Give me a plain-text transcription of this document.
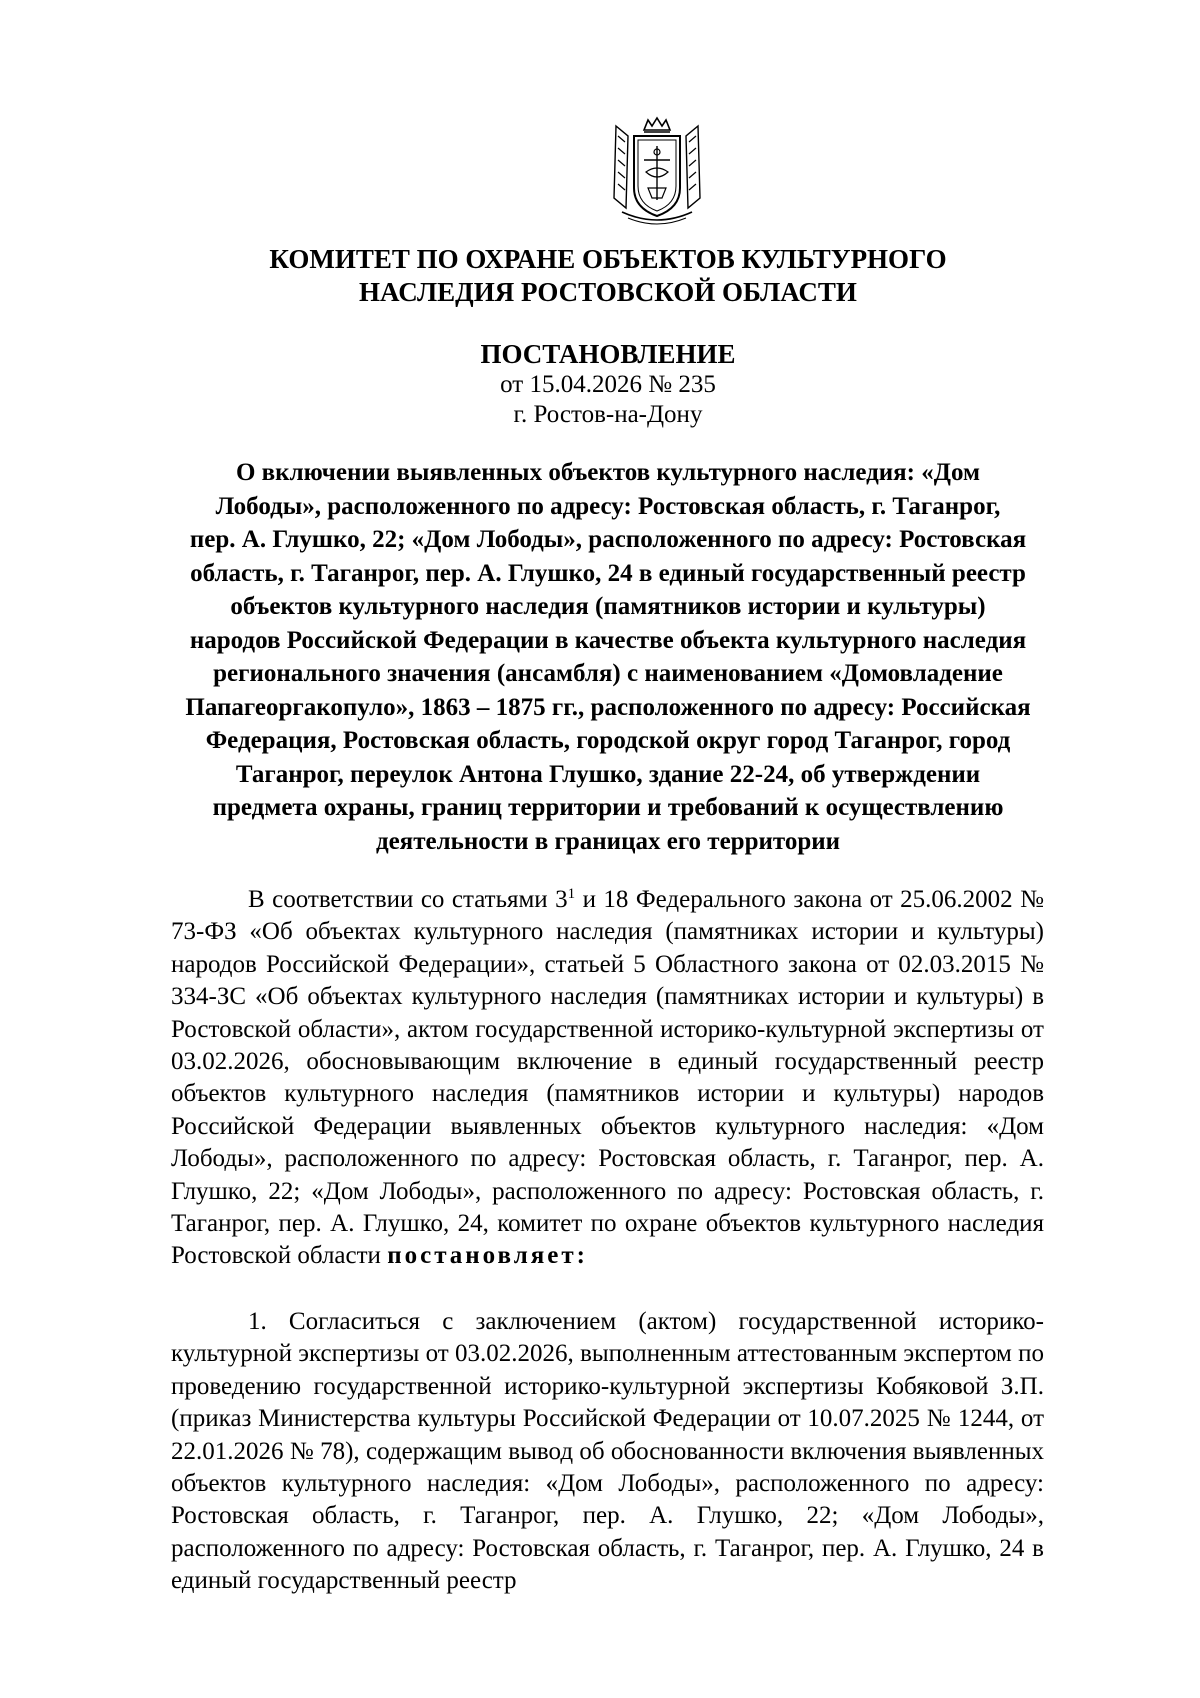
КОМИТЕТ ПО ОХРАНЕ ОБЪЕКТОВ КУЛЬТУРНОГО
НАСЛЕДИЯ РОСТОВСКОЙ ОБЛАСТИ
ПОСТАНОВЛЕНИЕ
от 15.04.2026 № 235
г. Ростов-на-Дону
О включении выявленных объектов культурного наследия: «Дом
Лободы», расположенного по адресу: Ростовская область, г. Таганрог,
пер. А. Глушко, 22; «Дом Лободы», расположенного по адресу: Ростовская
область, г. Таганрог, пер. А. Глушко, 24 в единый государственный реестр
объектов культурного наследия (памятников истории и культуры)
народов Российской Федерации в качестве объекта культурного наследия
регионального значения (ансамбля) с наименованием «Домовладение
Папагеоргакопуло», 1863 – 1875 гг., расположенного по адресу: Российская
Федерация, Ростовская область, городской округ город Таганрог, город
Таганрог, переулок Антона Глушко, здание 22-24, об утверждении
предмета охраны, границ территории и требований к осуществлению
деятельности в границах его территории

В соответствии со статьями $3^1$ и 18 Федерального закона от 25.06.2002 № 73-ФЗ «Об объектах культурного наследия (памятниках истории и культуры) народов Российской Федерации», статьей 5 Областного закона от 02.03.2015 № 334-ЗС «Об объектах культурного наследия (памятниках истории и культуры) в Ростовской области», актом государственной историко-культурной экспертизы от 03.02.2026, обосновывающим включение в единый государственный реестр объектов культурного наследия (памятников истории и культуры) народов Российской Федерации выявленных объектов культурного наследия: «Дом Лободы», расположенного по адресу: Ростовская область, г. Таганрог, пер. А. Глушко, 22; «Дом Лободы», расположенного по адресу: Ростовская область, г. Таганрог, пер. А. Глушко, 24, комитет по охране объектов культурного наследия Ростовской области постановляет:

1. Согласиться с заключением (актом) государственной историко-культурной экспертизы от 03.02.2026, выполненным аттестованным экспертом по проведению государственной историко-культурной экспертизы Кобяковой З.П. (приказ Министерства культуры Российской Федерации от 10.07.2025 № 1244, от 22.01.2026 № 78), содержащим вывод об обоснованности включения выявленных объектов культурного наследия: «Дом Лободы», расположенного по адресу: Ростовская область, г. Таганрог, пер. А. Глушко, 22; «Дом Лободы», расположенного по адресу: Ростовская область, г. Таганрог, пер. А. Глушко, 24 в единый государственный реестр
